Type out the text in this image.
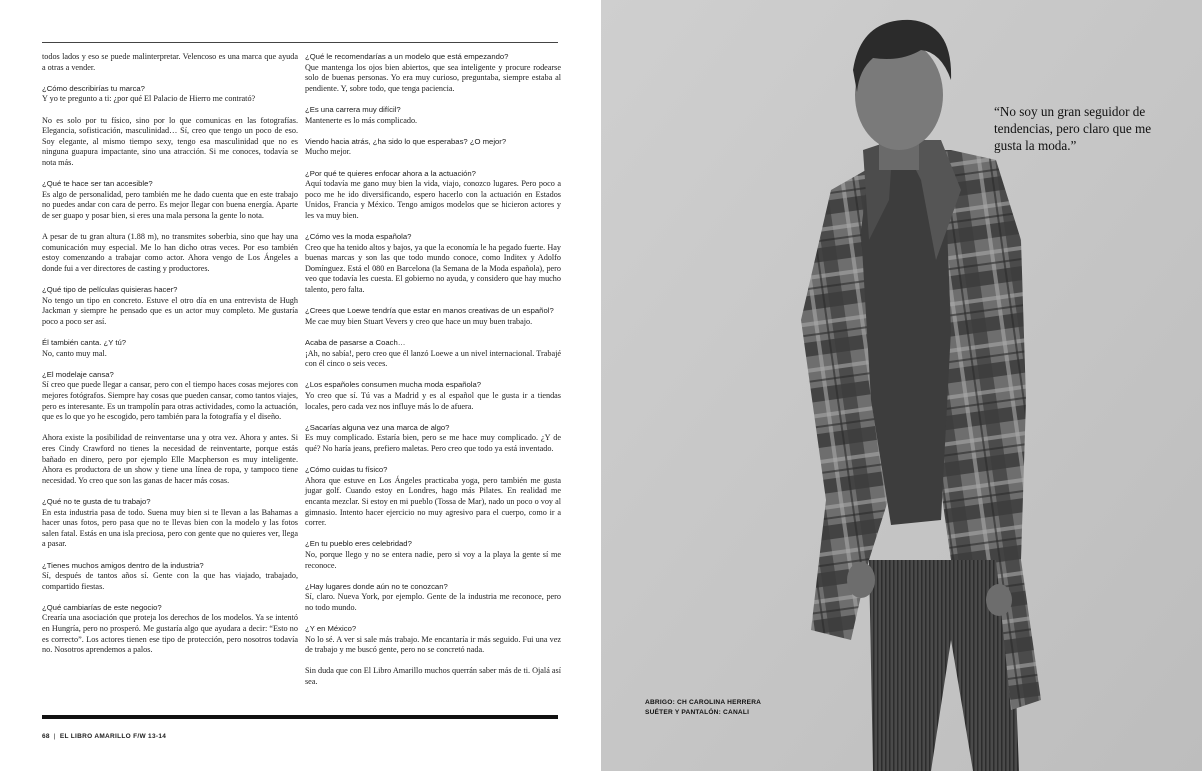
todos lados y eso se puede malinterpretar. Velencoso es una marca que ayuda a otras a vender.
¿Cómo describirías tu marca?
Y yo te pregunto a ti: ¿por qué El Palacio de Hierro me contrató?
No es solo por tu físico, sino por lo que comunicas en las fotografías. Elegancia, sofisticación, masculinidad… Sí, creo que tengo un poco de eso. Soy elegante, al mismo tiempo sexy, tengo esa masculinidad que no es ninguna guapura impactante, sino una atracción. Si me conoces, todavía se nota más.
¿Qué te hace ser tan accesible?
Es algo de personalidad, pero también me he dado cuenta que en este trabajo no puedes andar con cara de perro. Es mejor llegar con buena energía. Aparte de ser guapo y posar bien, si eres una mala persona la gente lo nota.
A pesar de tu gran altura (1.88 m), no transmites soberbia, sino que hay una comunicación muy especial. Me lo han dicho otras veces. Por eso también estoy comenzando a trabajar como actor. Ahora vengo de Los Ángeles a donde fui a ver directores de casting y productores.
¿Qué tipo de películas quisieras hacer?
No tengo un tipo en concreto. Estuve el otro día en una entrevista de Hugh Jackman y siempre he pensado que es un actor muy completo. Me gustaría poco a poco ser así.
Él también canta. ¿Y tú?
No, canto muy mal.
¿El modelaje cansa?
Sí creo que puede llegar a cansar, pero con el tiempo haces cosas mejores con mejores fotógrafos. Siempre hay cosas que pueden cansar, como tantos viajes, pero es interesante. Es un trampolín para otras actividades, como la actuación, que es lo que yo he escogido, pero también para la fotografía y el diseño.
Ahora existe la posibilidad de reinventarse una y otra vez. Ahora y antes. Si eres Cindy Crawford no tienes la necesidad de reinventarte, porque estás bañado en dinero, pero por ejemplo Elle Macpherson es muy inteligente. Ahora es productora de un show y tiene una línea de ropa, y tampoco tiene necesidad. Yo creo que son las ganas de hacer más cosas.
¿Qué no te gusta de tu trabajo?
En esta industria pasa de todo. Suena muy bien si te llevan a las Bahamas a hacer unas fotos, pero pasa que no te llevas bien con la modelo y las fotos salen fatal. Estás en una isla preciosa, pero con gente que no quieres ver, llega a pasar.
¿Tienes muchos amigos dentro de la industria?
Sí, después de tantos años sí. Gente con la que has viajado, trabajado, compartido fiestas.
¿Qué cambiarías de este negocio?
Crearía una asociación que proteja los derechos de los modelos. Ya se intentó en Hungría, pero no prosperó. Me gustaría algo que ayudara a decir: “Esto no es correcto”. Los actores tienen ese tipo de protección, pero nosotros todavía no. Nosotros aprendemos a palos.
¿Qué le recomendarías a un modelo que está empezando?
Que mantenga los ojos bien abiertos, que sea inteligente y procure rodearse solo de buenas personas. Yo era muy curioso, preguntaba, siempre estaba al pendiente. Y, sobre todo, que tenga paciencia.
¿Es una carrera muy difícil?
Mantenerte es lo más complicado.
Viendo hacia atrás, ¿ha sido lo que esperabas? ¿O mejor?
Mucho mejor.
¿Por qué te quieres enfocar ahora a la actuación?
Aquí todavía me gano muy bien la vida, viajo, conozco lugares. Pero poco a poco me he ido diversificando, espero hacerlo con la actuación en Estados Unidos, Francia y México. Tengo amigos modelos que se hicieron actores y les va muy bien.
¿Cómo ves la moda española?
Creo que ha tenido altos y bajos, ya que la economía le ha pegado fuerte. Hay buenas marcas y son las que todo mundo conoce, como Inditex y Adolfo Domínguez. Está el 080 en Barcelona (la Semana de la Moda española), pero veo que todavía les cuesta. El gobierno no ayuda, y considero que hay mucho talento, pero falta.
¿Crees que Loewe tendría que estar en manos creativas de un español?
Me cae muy bien Stuart Vevers y creo que hace un muy buen trabajo.
Acaba de pasarse a Coach…
¡Ah, no sabía!, pero creo que él lanzó Loewe a un nivel internacional. Trabajé con él cinco o seis veces.
¿Los españoles consumen mucha moda española?
Yo creo que sí. Tú vas a Madrid y es al español que le gusta ir a tiendas locales, pero cada vez nos influye más lo de afuera.
¿Sacarías alguna vez una marca de algo?
Es muy complicado. Estaría bien, pero se me hace muy complicado. ¿Y de qué? No haría jeans, prefiero maletas. Pero creo que todo ya está inventado.
¿Cómo cuidas tu físico?
Ahora que estuve en Los Ángeles practicaba yoga, pero también me gusta jugar golf. Cuando estoy en Londres, hago más Pilates. En realidad me encanta mezclar. Si estoy en mi pueblo (Tossa de Mar), nado un poco o voy al gimnasio. Intento hacer ejercicio no muy agresivo para el cuerpo, como ir a correr.
¿En tu pueblo eres celebridad?
No, porque llego y no se entera nadie, pero si voy a la playa la gente sí me reconoce.
¿Hay lugares donde aún no te conozcan?
Sí, claro. Nueva York, por ejemplo. Gente de la industria me reconoce, pero no todo mundo.
¿Y en México?
No lo sé. A ver si sale más trabajo. Me encantaría ir más seguido. Fui una vez de trabajo y me buscó gente, pero no se concretó nada.
Sin duda que con El Libro Amarillo muchos querrán saber más de ti. Ojalá así sea.
68 | EL LIBRO AMARILLO F/W 13-14
“No soy un gran seguidor de tendencias, pero claro que me gusta la moda.”
ABRIGO: CH CAROLINA HERRERA
SUÉTER Y PANTALÓN: CANALI
